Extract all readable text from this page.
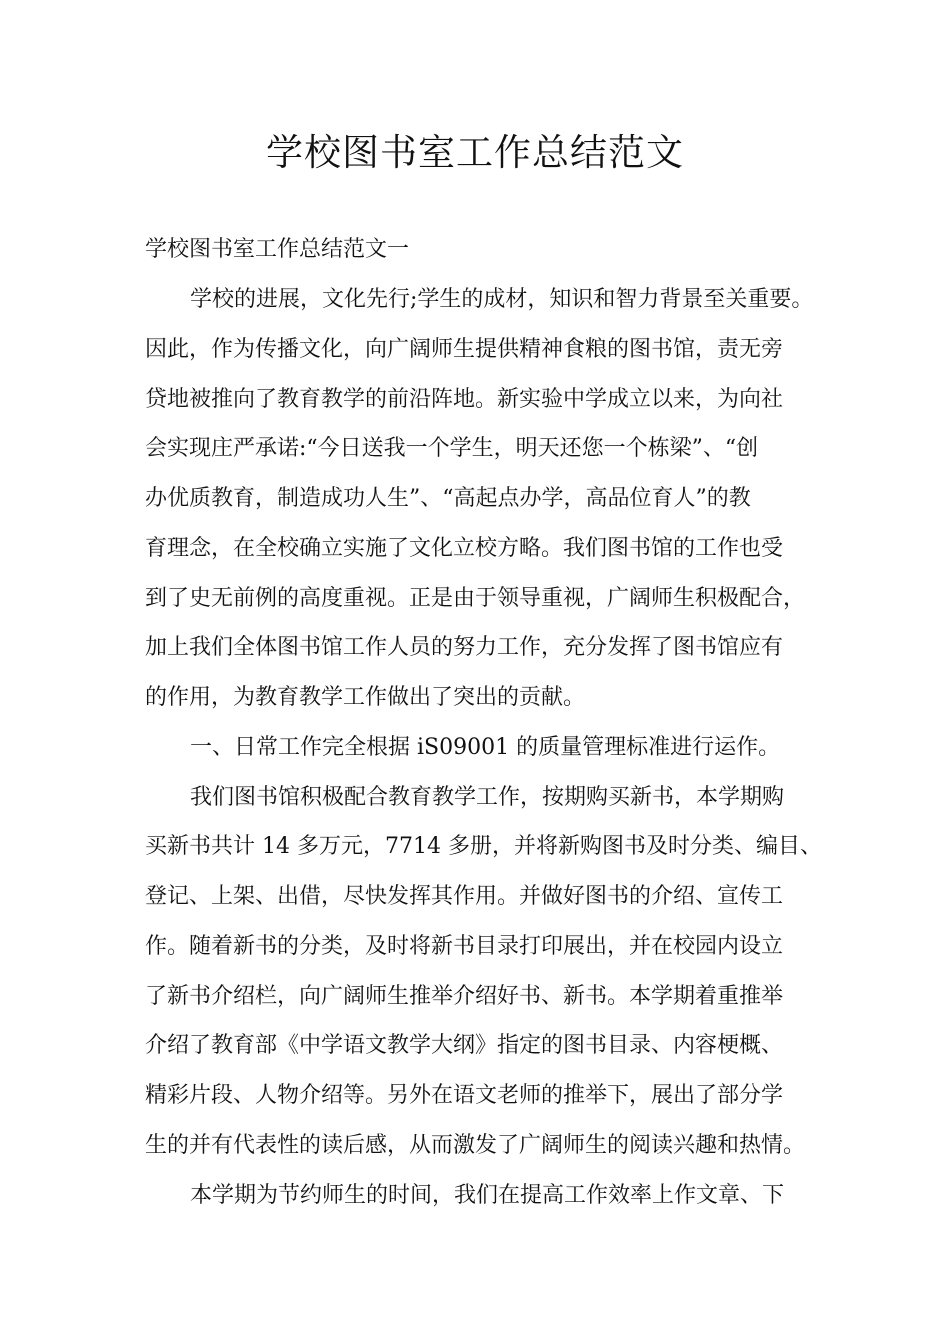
学校图书室工作总结范文
学校图书室工作总结范文一
学校的进展，文化先行;学生的成材，知识和智力背景至关重要。
因此，作为传播文化，向广阔师生提供精神食粮的图书馆，责无旁
贷地被推向了教育教学的前沿阵地。新实验中学成立以来，为向社
会实现庄严承诺:“今日送我一个学生，明天还您一个栋梁”、“创
办优质教育，制造成功人生”、“高起点办学，高品位育人”的教
育理念，在全校确立实施了文化立校方略。我们图书馆的工作也受
到了史无前例的高度重视。正是由于领导重视，广阔师生积极配合，
加上我们全体图书馆工作人员的努力工作，充分发挥了图书馆应有
的作用，为教育教学工作做出了突出的贡献。
一、日常工作完全根据 iS09001 的质量管理标准进行运作。
我们图书馆积极配合教育教学工作，按期购买新书，本学期购
买新书共计 14 多万元，7714 多册，并将新购图书及时分类、编目、
登记、上架、出借，尽快发挥其作用。并做好图书的介绍、宣传工
作。随着新书的分类，及时将新书目录打印展出，并在校园内设立
了新书介绍栏，向广阔师生推举介绍好书、新书。本学期着重推举
介绍了教育部《中学语文教学大纲》指定的图书目录、内容梗概、
精彩片段、人物介绍等。另外在语文老师的推举下，展出了部分学
生的并有代表性的读后感，从而激发了广阔师生的阅读兴趣和热情。
本学期为节约师生的时间，我们在提高工作效率上作文章、下
